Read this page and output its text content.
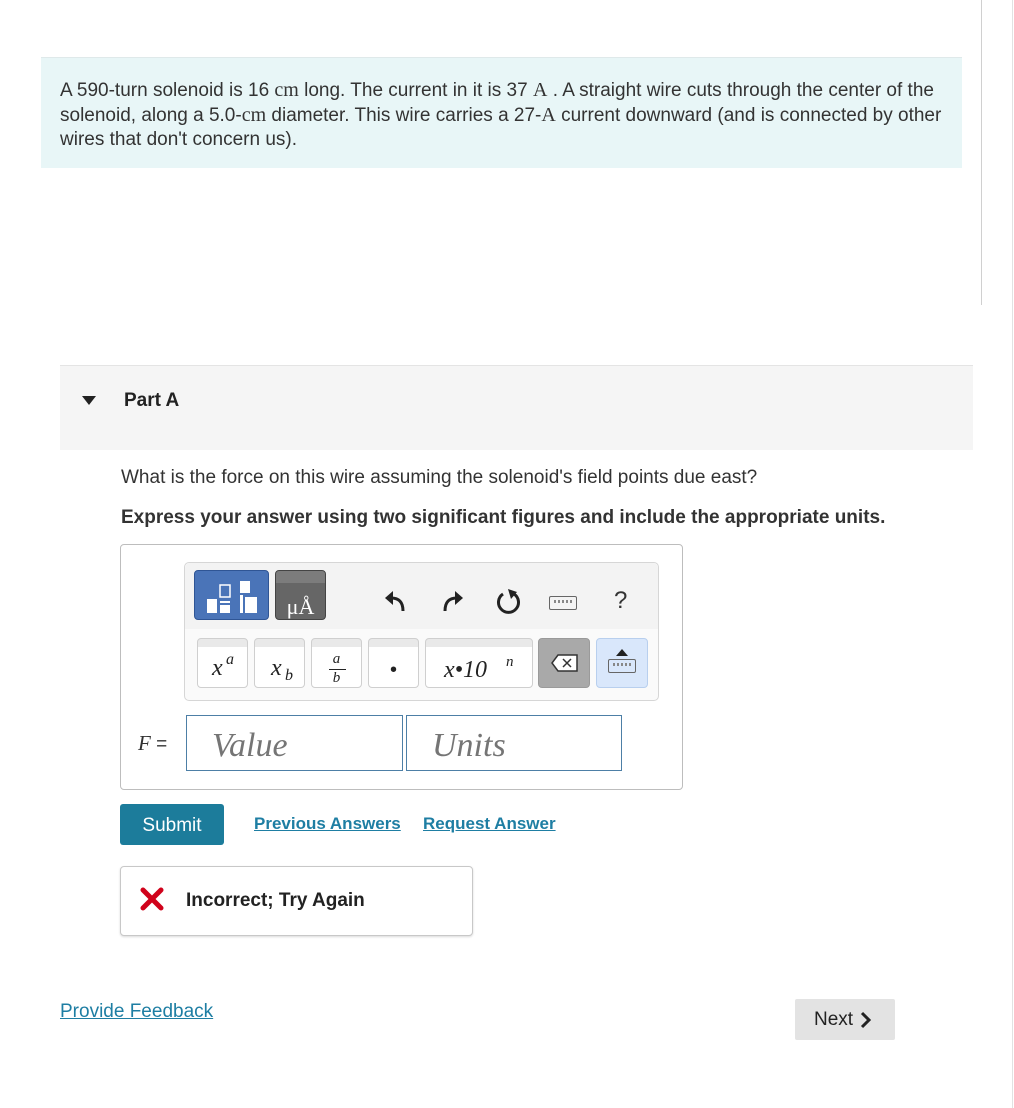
A 590-turn solenoid is 16 cm long. The current in it is 37 A . A straight wire cuts through the center of the solenoid, along a 5.0-cm diameter. This wire carries a 27-A current downward (and is connected by other wires that don't concern us).
Part A
What is the force on this wire assuming the solenoid's field points due east?
Express your answer using two significant figures and include the appropriate units.
μÅ	?
x a x b
a
b	•	x•10 n
F =
Value
Units
Submit	Previous Answers Request Answer
Incorrect; Try Again
Provide Feedback	Next
